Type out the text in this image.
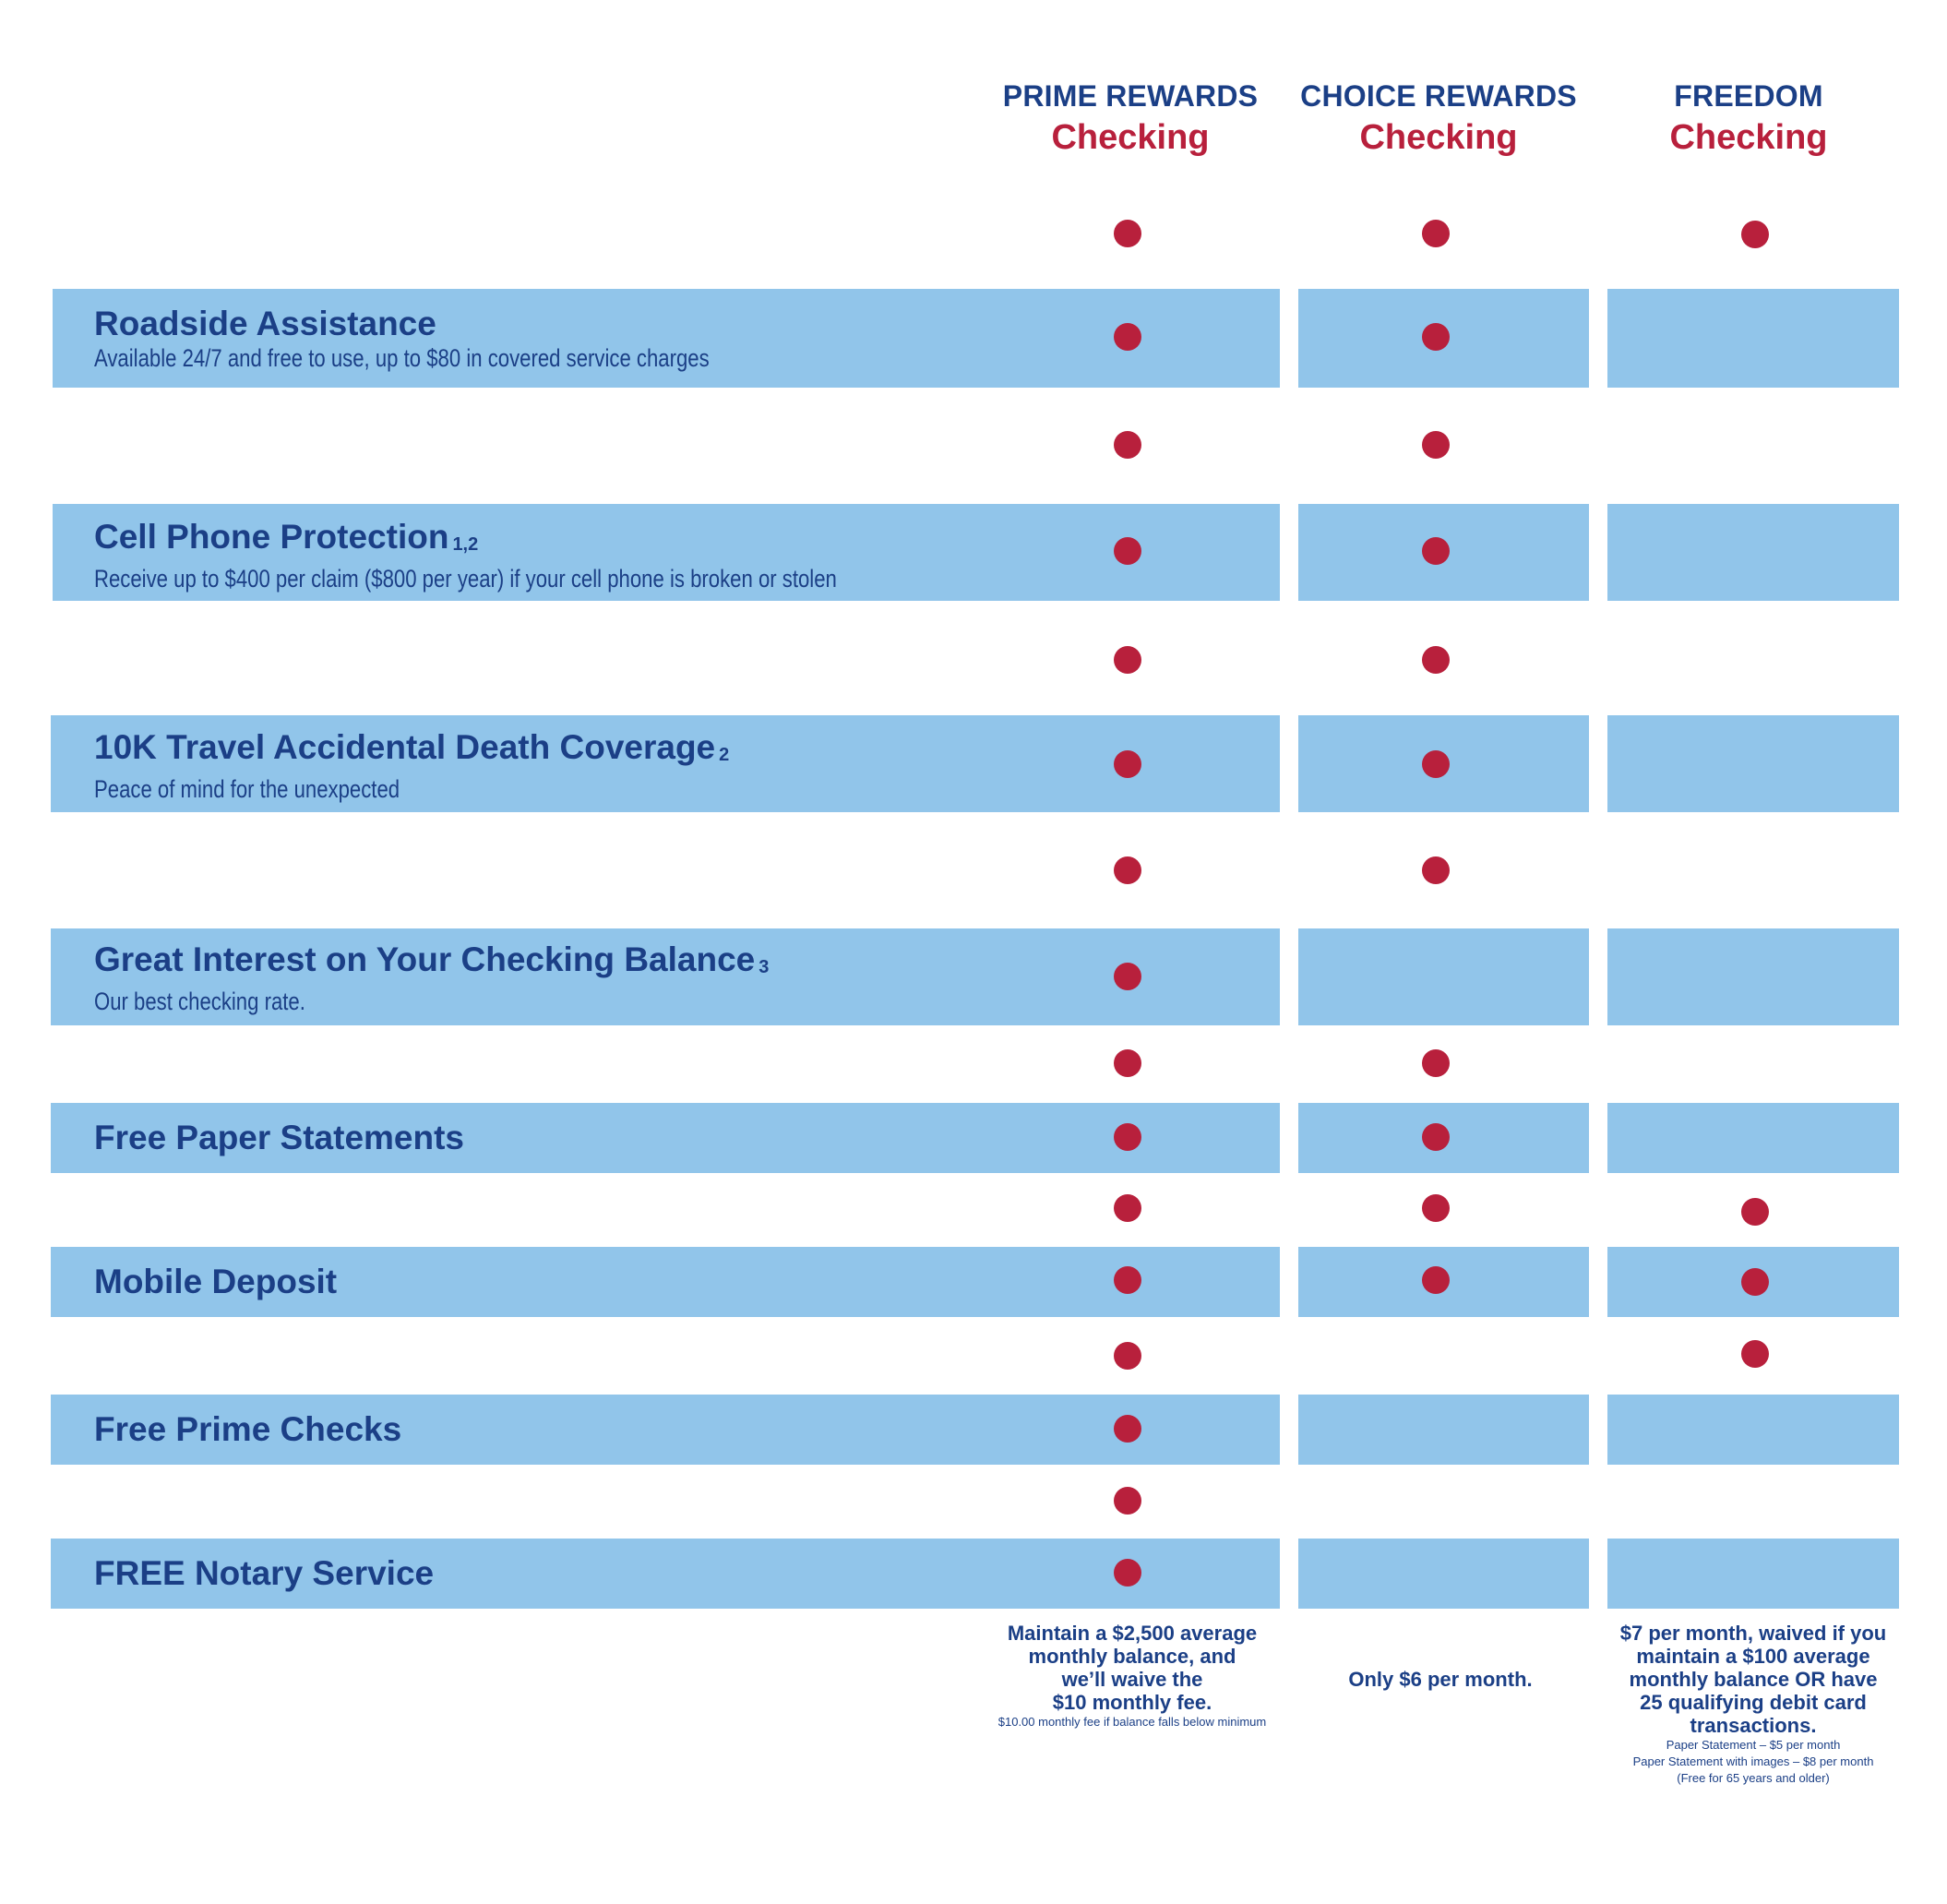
PRIME REWARDS
Checking
CHOICE REWARDS
Checking
FREEDOM
Checking
Roadside Assistance
Available 24/7 and free to use, up to $80 in covered service charges
Cell Phone Protection $^{1,2}$
Receive up to $400 per claim ($800 per year) if your cell phone is broken or stolen
10K Travel Accidental Death Coverage $^2$
Peace of mind for the unexpected
Great Interest on Your Checking Balance $^3$
Our best checking rate.
Free Paper Statements
Mobile Deposit
Free Prime Checks
FREE Notary Service
Maintain a $2,500 average
monthly balance, and
we’ll waive the
$10 monthly fee.
$10.00 monthly fee if balance falls below minimum
Only $6 per month.
$7 per month, waived if you
maintain a $100 average
monthly balance OR have
25 qualifying debit card
transactions.
Paper Statement – $5 per month
Paper Statement with images – $8 per month
(Free for 65 years and older)
